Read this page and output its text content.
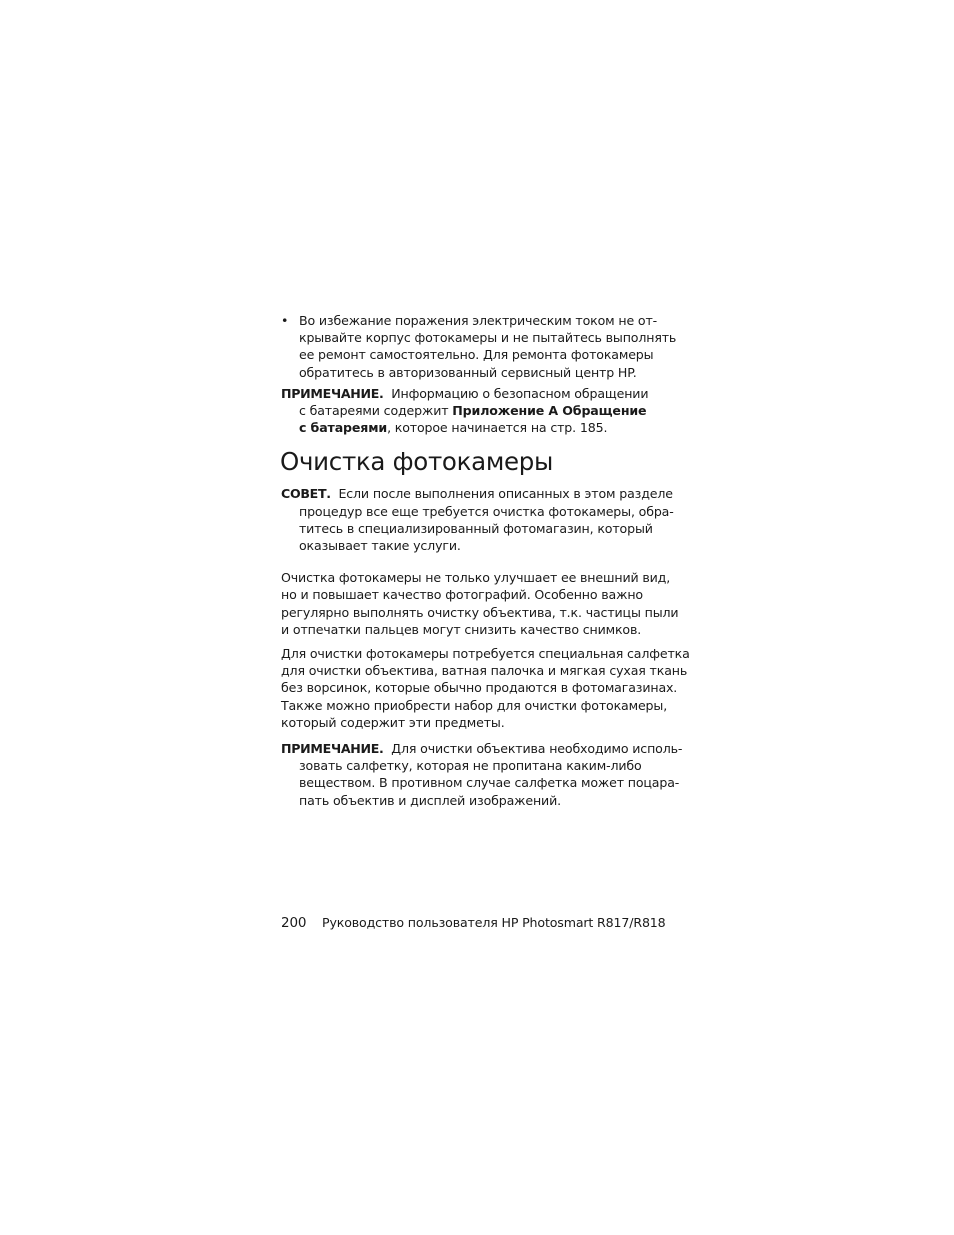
• Во избежание поражения электрическим током не от-
крывайте корпус фотокамеры и не пытайтесь выполнять
ее ремонт самостоятельно. Для ремонта фотокамеры
обратитесь в авторизованный сервисный центр HP.
ПРИМЕЧАНИЕ. Информацию о безопасном обращении
с батареями содержит Приложение А Обращение
с батареями, которое начинается на стр. 185.
Очистка фотокамеры
СОВЕТ. Если после выполнения описанных в этом разделе
процедур все еще требуется очистка фотокамеры, обра-
титесь в специализированный фотомагазин, который
оказывает такие услуги.
Очистка фотокамеры не только улучшает ее внешний вид,
но и повышает качество фотографий. Особенно важно
регулярно выполнять очистку объектива, т.к. частицы пыли
и отпечатки пальцев могут снизить качество снимков.
Для очистки фотокамеры потребуется специальная салфетка
для очистки объектива, ватная палочка и мягкая сухая ткань
без ворсинок, которые обычно продаются в фотомагазинах.
Также можно приобрести набор для очистки фотокамеры,
который содержит эти предметы.
ПРИМЕЧАНИЕ. Для очистки объектива необходимо исполь-
зовать салфетку, которая не пропитана каким-либо
веществом. В противном случае салфетка может поцара-
пать объектив и дисплей изображений.
200 Руководство пользователя HP Photosmart R817/R818
